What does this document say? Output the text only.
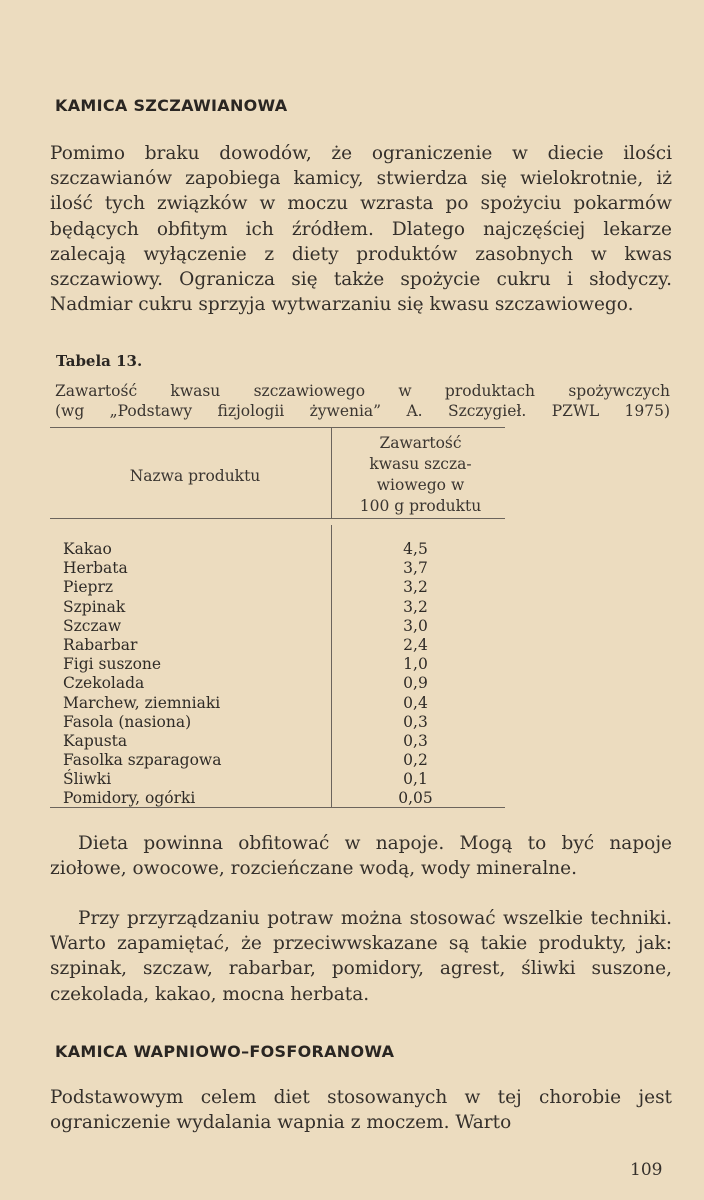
KAMICA SZCZAWIANOWA
Pomimo braku dowodów, że ograniczenie w diecie ilości szczawianów zapobiega kamicy, stwierdza się wielokrotnie, iż ilość tych związków w moczu wzrasta po spożyciu pokarmów będących obfitym ich źródłem. Dlatego najczęściej lekarze zalecają wyłączenie z diety produktów zasobnych w kwas szczawiowy. Ogranicza się także spożycie cukru i słodyczy. Nadmiar cukru sprzyja wytwarzaniu się kwasu szczawiowego.
Tabela 13.
Zawartość kwasu szczawiowego w produktach spożywczych
(wg „Podstawy fizjologii żywenia” A. Szczygieł. PZWL 1975)
Nazwa produktu
Zawartość
kwasu szcza-
wiowego w
100 g produktu
Kakao	4,5
Herbata	3,7
Pieprz	3,2
Szpinak	3,2
Szczaw	3,0
Rabarbar	2,4
Figi suszone	1,0
Czekolada	0,9
Marchew, ziemniaki	0,4
Fasola (nasiona)	0,3
Kapusta	0,3
Fasolka szparagowa	0,2
Śliwki	0,1
Pomidory, ogórki	0,05
Dieta powinna obfitować w napoje. Mogą to być napoje ziołowe, owocowe, rozcieńczane wodą, wody mineralne.
Przy przyrządzaniu potraw można stosować wszelkie techniki. Warto zapamiętać, że przeciwwskazane są takie produkty, jak: szpinak, szczaw, rabarbar, pomidory, agrest, śliwki suszone, czekolada, kakao, mocna herbata.
KAMICA WAPNIOWO–FOSFORANOWA
Podstawowym celem diet stosowanych w tej chorobie jest ograniczenie wydalania wapnia z moczem. Warto
109
